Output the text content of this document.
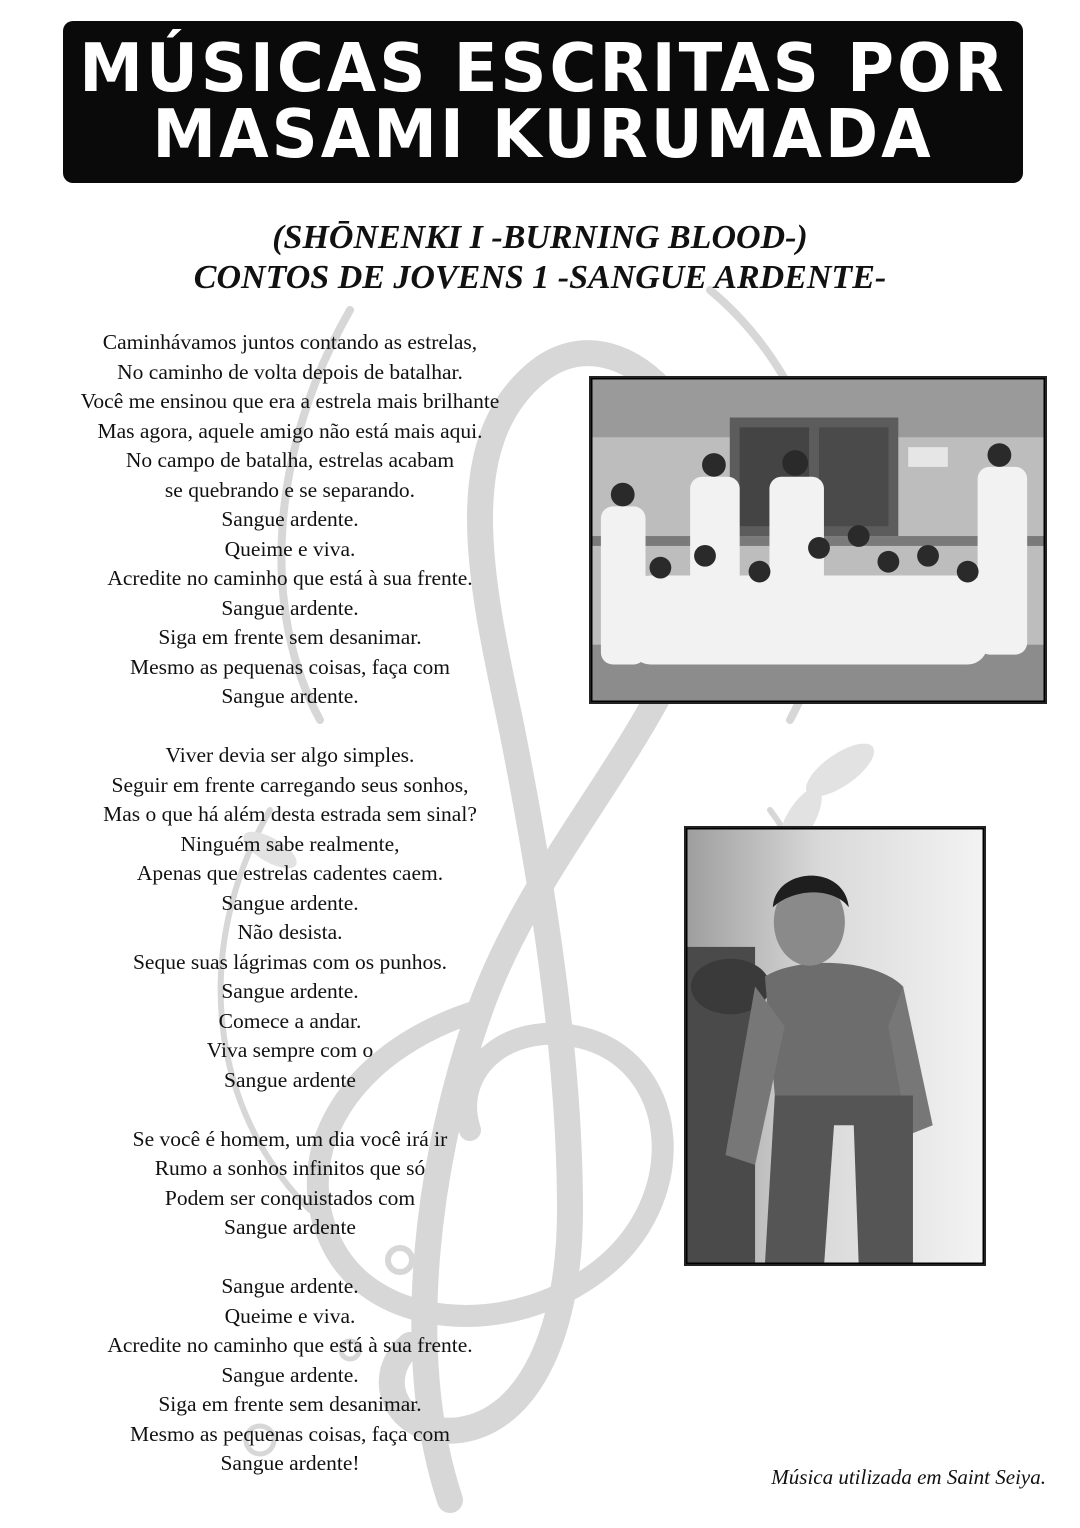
MÚSICAS ESCRITAS POR
MASAMI KURUMADA
(SHŌNENKI I -BURNING BLOOD-)
CONTOS DE JOVENS 1 -SANGUE ARDENTE-
Caminhávamos juntos contando as estrelas,
No caminho de volta depois de batalhar.
Você me ensinou que era a estrela mais brilhante
Mas agora, aquele amigo não está mais aqui.
No campo de batalha, estrelas acabam
se quebrando e se separando.
Sangue ardente.
Queime e viva.
Acredite no caminho que está à sua frente.
Sangue ardente.
Siga em frente sem desanimar.
Mesmo as pequenas coisas, faça com
Sangue ardente.
Viver devia ser algo simples.
Seguir em frente carregando seus sonhos,
Mas o que há além desta estrada sem sinal?
Ninguém sabe realmente,
Apenas que estrelas cadentes caem.
Sangue ardente.
Não desista.
Seque suas lágrimas com os punhos.
Sangue ardente.
Comece a andar.
Viva sempre com o
Sangue ardente
Se você é homem, um dia você irá ir
Rumo a sonhos infinitos que só
Podem ser conquistados com
Sangue ardente
Sangue ardente.
Queime e viva.
Acredite no caminho que está à sua frente.
Sangue ardente.
Siga em frente sem desanimar.
Mesmo as pequenas coisas, faça com
Sangue ardente!
Música utilizada em Saint Seiya.
